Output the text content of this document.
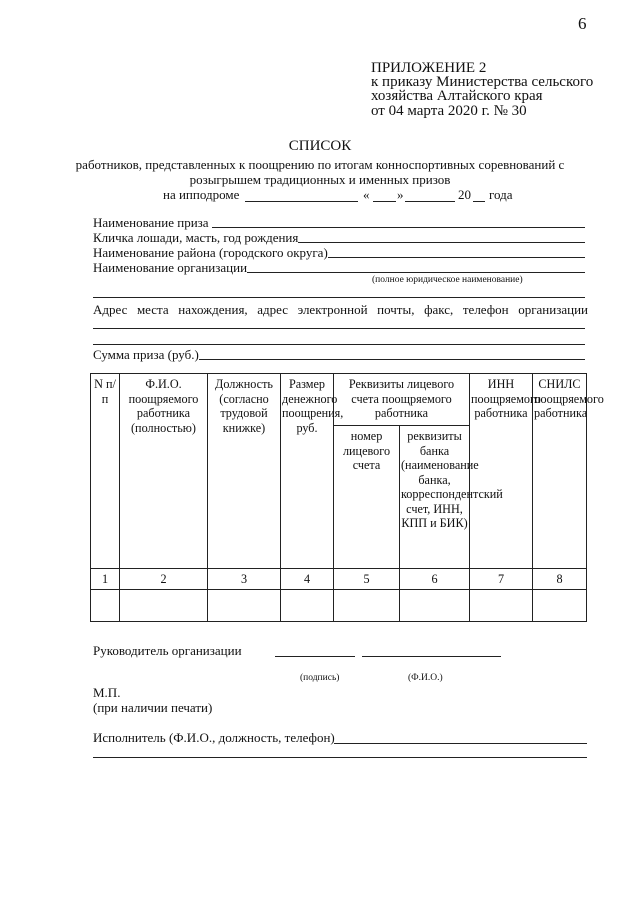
6
ПРИЛОЖЕНИЕ 2
к приказу Министерства сельского
хозяйства Алтайского края
от 04 марта 2020 г. № 30
СПИСОК
работников, представленных к поощрению по итогам конноспортивных соревнований с
розыгрышем традиционных и именных призов
на ипподроме	« »	20 года
Наименование приза
Кличка лошади, масть, год рождения
Наименование района (городского округа)
Наименование организации
(полное юридическое наименование)
Адрес места нахождения, адрес электронной почты, факс, телефон организации
Сумма приза (руб.)
N п/п	Ф.И.О. поощряемого работника (полностью)	Должность (согласно трудовой книжке)	Размер денежного поощрения, руб.	Реквизиты лицевого счета поощряемого работника		ИНН поощряемого работника	СНИЛС поощряемого работника
				номер лицевого счета	реквизиты банка (наименование банка, корреспондентский счет, ИНН, КПП и БИК)		
1	2	3	4	5	6	7	8

Руководитель организации
(подпись)	(Ф.И.О.)
М.П.
(при наличии печати)
Исполнитель (Ф.И.О., должность, телефон)
